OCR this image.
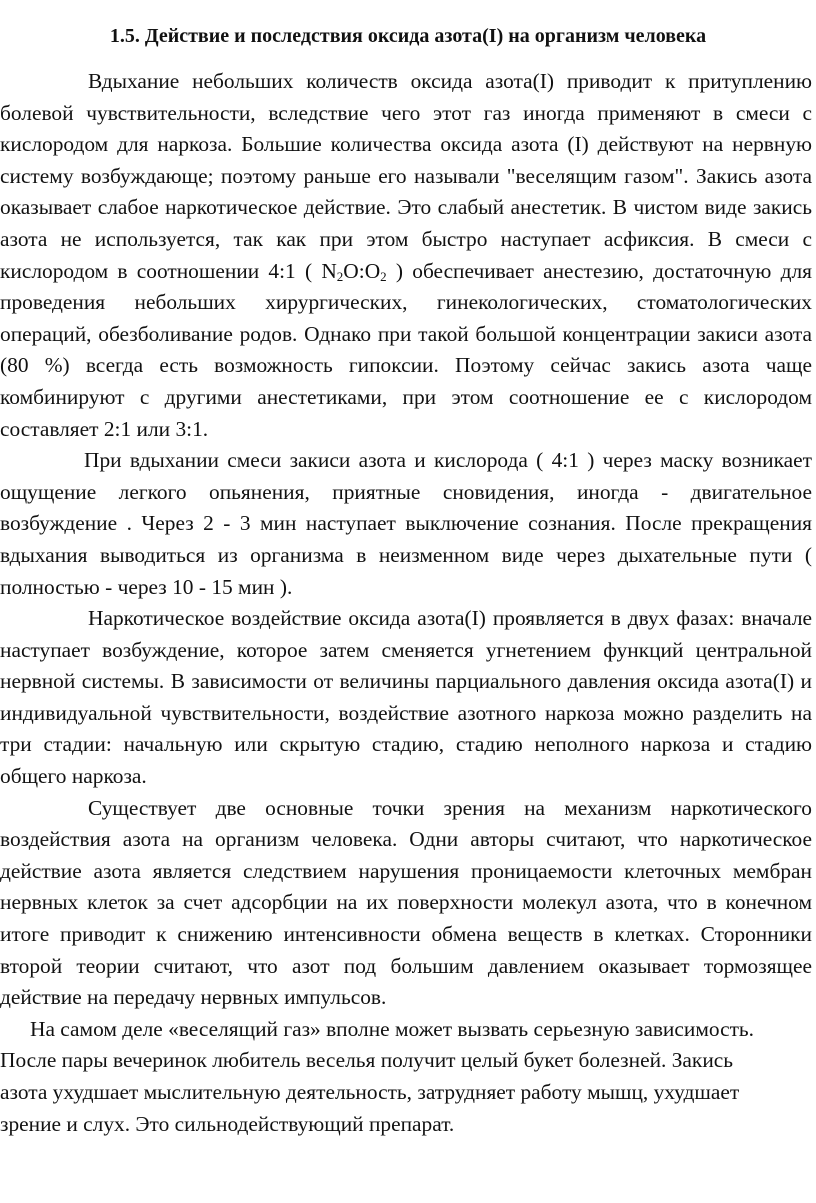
1.5. Действие и последствия оксида азота(I) на организм человека

Вдыхание небольших количеств оксида азота(I) приводит к притуплению болевой чувствительности, вследствие чего этот газ иногда применяют в смеси с кислородом для наркоза. Большие количества оксида азота (I) действуют на нервную систему возбуждающе; поэтому раньше его называли "веселящим газом". Закись азота оказывает слабое наркотическое действие. Это слабый анестетик. В чистом виде закись азота не используется, так как при этом быстро наступает асфиксия. В смеси с кислородом в соотношении 4:1 ( $N_2O:O_2$ ) обеспечивает анестезию, достаточную для проведения небольших хирургических, гинекологических, стоматологических операций, обезболивание родов. Однако при такой большой концентрации закиси азота (80 %) всегда есть возможность гипоксии. Поэтому сейчас закись азота чаще комбинируют с другими анестетиками, при этом соотношение ее с кислородом составляет 2:1 или 3:1.

При вдыхании смеси закиси азота и кислорода ( 4:1 ) через маску возникает ощущение легкого опьянения, приятные сновидения, иногда - двигательное возбуждение . Через 2 - 3 мин наступает выключение сознания. После прекращения вдыхания выводиться из организма в неизменном виде через дыхательные пути ( полностью - через 10 - 15 мин ).

Наркотическое воздействие оксида азота(I) проявляется в двух фазах: вначале наступает возбуждение, которое затем сменяется угнетением функций центральной нервной системы. В зависимости от величины парциального давления оксида азота(I) и индивидуальной чувствительности, воздействие азотного наркоза можно разделить на три стадии: начальную или скрытую стадию, стадию неполного наркоза и стадию общего наркоза.

Существует две основные точки зрения на механизм наркотического воздействия азота на организм человека. Одни авторы считают, что наркотическое действие азота является следствием нарушения проницаемости клеточных мембран нервных клеток за счет адсорбции на их поверхности молекул азота, что в конечном итоге приводит к снижению интенсивности обмена веществ в клетках. Сторонники второй теории считают, что азот под большим давлением оказывает тормозящее действие на передачу нервных импульсов.

На самом деле «веселящий газ» вполне может вызвать серьезную зависимость. После пары вечеринок любитель веселья получит целый букет болезней. Закись азота ухудшает мыслительную деятельность, затрудняет работу мышц, ухудшает зрение и слух. Это сильнодействующий препарат.
